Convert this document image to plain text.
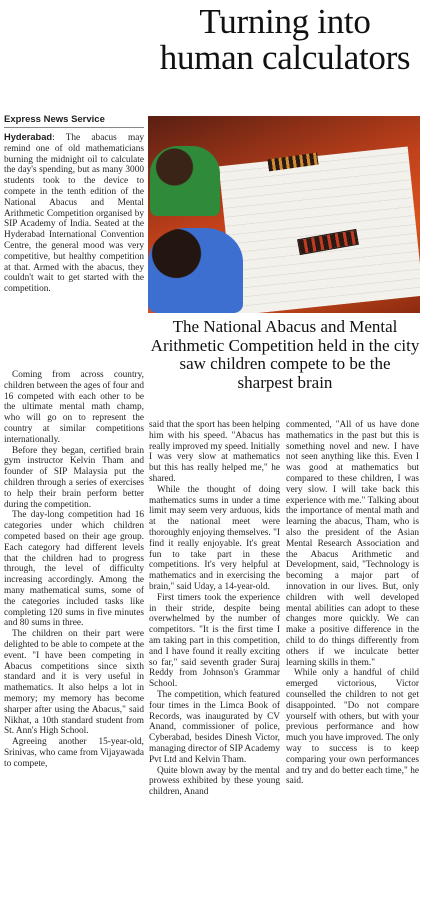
Turning into
human calculators
Express News Service
The National Abacus and Mental Arithmetic Competition held in the city saw children compete to be the sharpest brain

Hyderabad: The abacus may remind one of old mathematicians burning the midnight oil to calculate the day's spending, but as many 3000 students took to the device to compete in the tenth edition of the National Abacus and Mental Arithmetic Competition organised by SIP Academy of India. Seated at the Hyderabad International Convention Centre, the general mood was very competitive, but healthy competition at that. Armed with the abacus, they couldn't wait to get started with the competition.

Coming from across country, children between the ages of four and 16 competed with each other to be the ultimate mental math champ, who will go on to represent the country at similar competitions internationally.

Before they began, certified brain gym instructor Kelvin Tham and founder of SIP Malaysia put the children through a series of exercises to help their brain perform better during the competition.

The day-long competition had 16 categories under which children competed based on their age group. Each category had different levels that the children had to progress through, the level of difficulty increasing accordingly. Among the many mathematical sums, some of the categories included tasks like completing 120 sums in five minutes and 80 sums in three.

The children on their part were delighted to be able to compete at the event. "I have been competing in Abacus competitions since sixth standard and it is very useful in mathematics. It also helps a lot in memory; my memory has become sharper after using the Abacus," said Nikhat, a 10th standard student from St. Ann's High School.

Agreeing another 15-year-old, Srinivas, who came from Vijayawada to compete,

said that the sport has been helping him with his speed. "Abacus has really improved my speed. Initially I was very slow at mathematics but this has really helped me," he shared.

While the thought of doing mathematics sums in under a time limit may seem very arduous, kids at the national meet were thoroughly enjoying themselves. "I find it really enjoyable. It's great fun to take part in these competitions. It's very helpful at mathematics and in exercising the brain," said Uday, a 14-year-old.

First timers took the experience in their stride, despite being overwhelmed by the number of competitors. "It is the first time I am taking part in this competition, and I have found it really exciting so far," said seventh grader Suraj Reddy from Johnson's Grammar School.

The competition, which featured four times in the Limca Book of Records, was inaugurated by CV Anand, commissioner of police, Cyberabad, besides Dinesh Victor, managing director of SIP Academy Pvt Ltd and Kelvin Tham.

Quite blown away by the mental prowess exhibited by these young children, Anand

commented, "All of us have done mathematics in the past but this is something novel and new. I have not seen anything like this. Even I was good at mathematics but compared to these children, I was very slow. I will take back this experience with me." Talking about the importance of mental math and learning the abacus, Tham, who is also the president of the Asian Mental Research Association and the Abacus Arithmetic and Development, said, "Technology is becoming a major part of innovation in our lives. But, only children with well developed mental abilities can adopt to these changes more quickly. We can make a positive difference in the child to do things differently from others if we inculcate better learning skills in them."

While only a handful of child emerged victorious, Victor counselled the children to not get disappointed. "Do not compare yourself with others, but with your previous performance and how much you have improved. The only way to success is to keep comparing your own performances and try and do better each time," he said.
